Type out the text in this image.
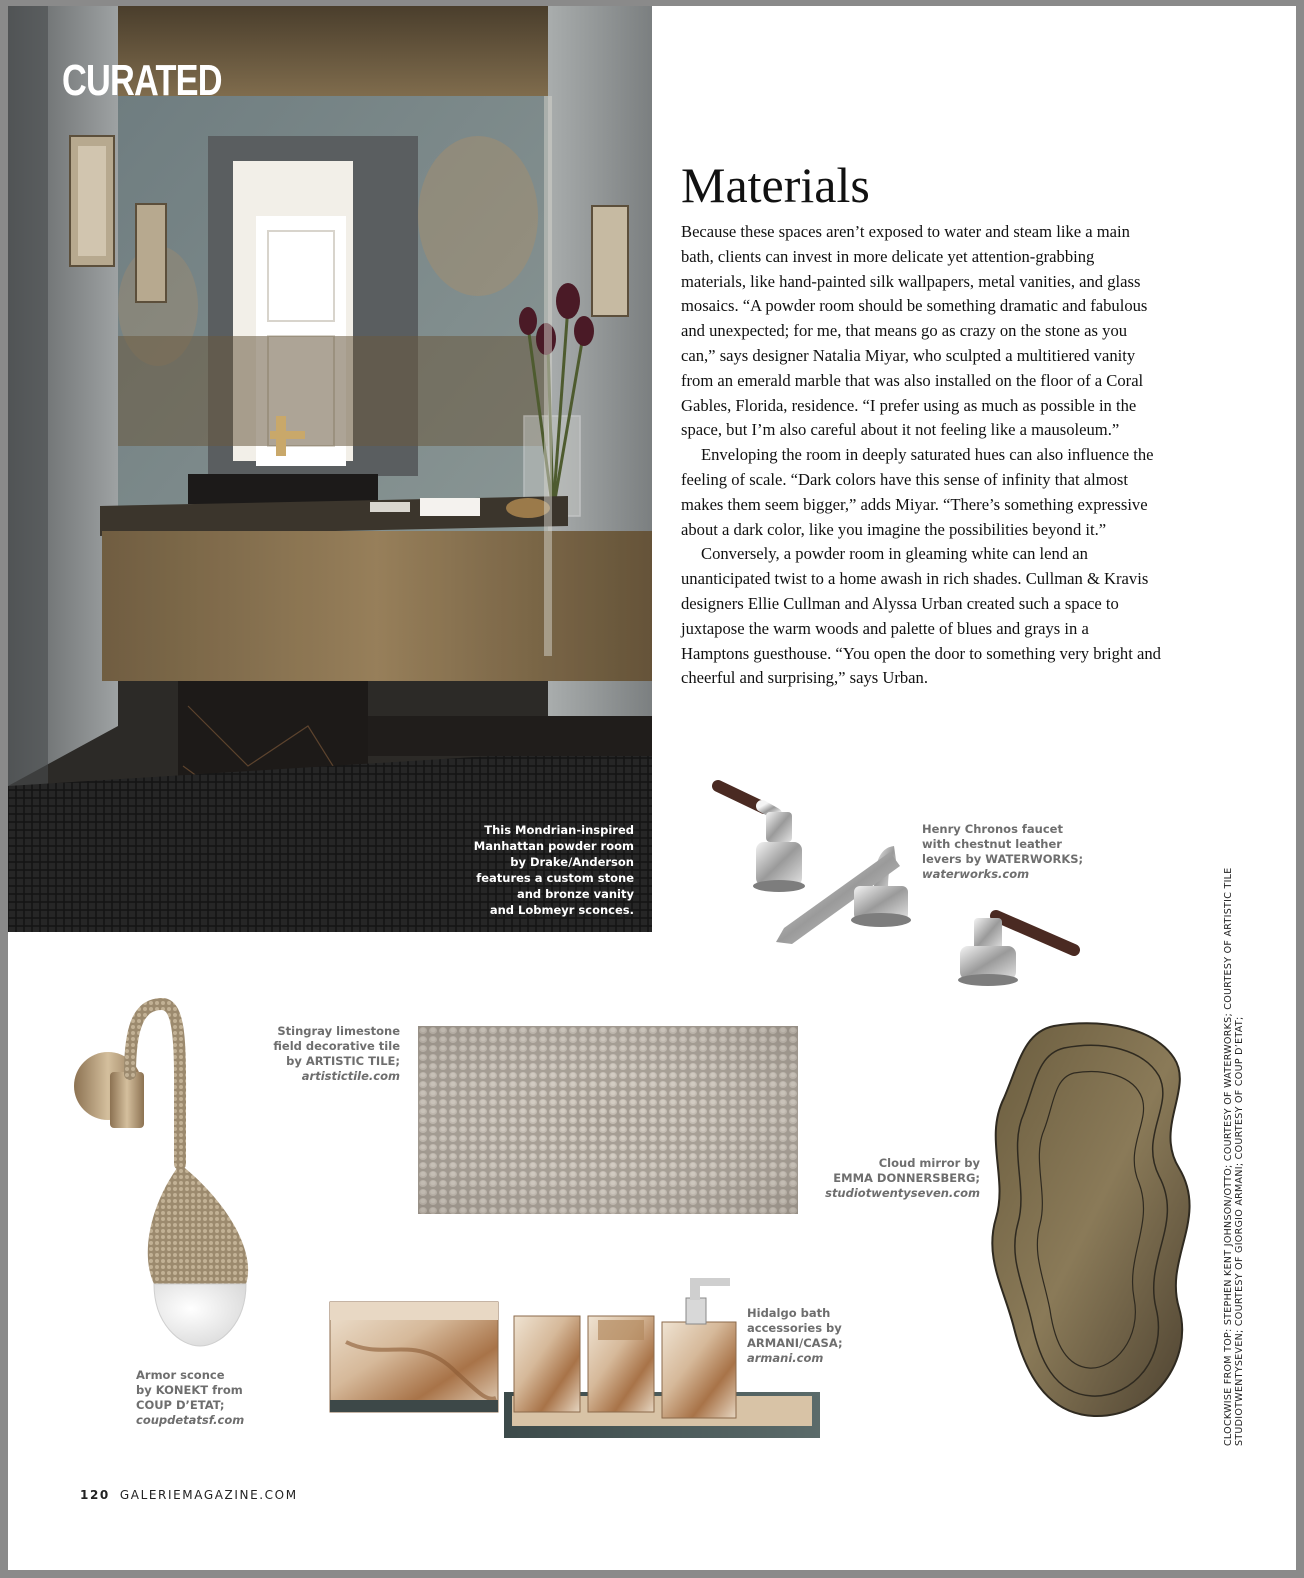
CURATED
This Mondrian-inspired
Manhattan powder room
by Drake/Anderson
features a custom stone
and bronze vanity
and Lobmeyr sconces.
Materials

Because these spaces aren’t exposed to water and steam like a main bath, clients can invest in more delicate yet attention-grabbing materials, like hand-painted silk wallpapers, metal vanities, and glass mosaics. “A powder room should be something dramatic and fabulous and unexpected; for me, that means go as crazy on the stone as you can,” says designer Natalia Miyar, who sculpted a multitiered vanity from an emerald marble that was also installed on the floor of a Coral Gables, Florida, residence. “I prefer using as much as possible in the space, but I’m also careful about it not feeling like a mausoleum.”

Enveloping the room in deeply saturated hues can also influence the feeling of scale. “Dark colors have this sense of infinity that almost makes them seem bigger,” adds Miyar. “There’s something expressive about a dark color, like you imagine the possibilities beyond it.”

Conversely, a powder room in gleaming white can lend an unanticipated twist to a home awash in rich shades. Cullman & Kravis designers Ellie Cullman and Alyssa Urban created such a space to juxtapose the warm woods and palette of blues and grays in a Hamptons guesthouse. “You open the door to something very bright and cheerful and surprising,” says Urban.

Henry Chronos faucet
with chestnut leather
levers by WATERWORKS;
waterworks.com
Stingray limestone
field decorative tile
by ARTISTIC TILE;
artistictile.com
Cloud mirror by
EMMA DONNERSBERG;
studiotwentyseven.com
Armor sconce
by KONEKT from
COUP D’ETAT;
coupdetatsf.com
Hidalgo bath
accessories by
ARMANI/CASA;
armani.com	CLOCKWISE FROM TOP: STEPHEN KENT JOHNSON/OTTO; COURTESY OF WATERWORKS; COURTESY OF ARTISTIC TILE STUDIOTWENTYSEVEN; COURTESY OF GIORGIO ARMANI; COURTESY OF COUP D’ETAT;
120 GALERIEMAGAZINE.COM
